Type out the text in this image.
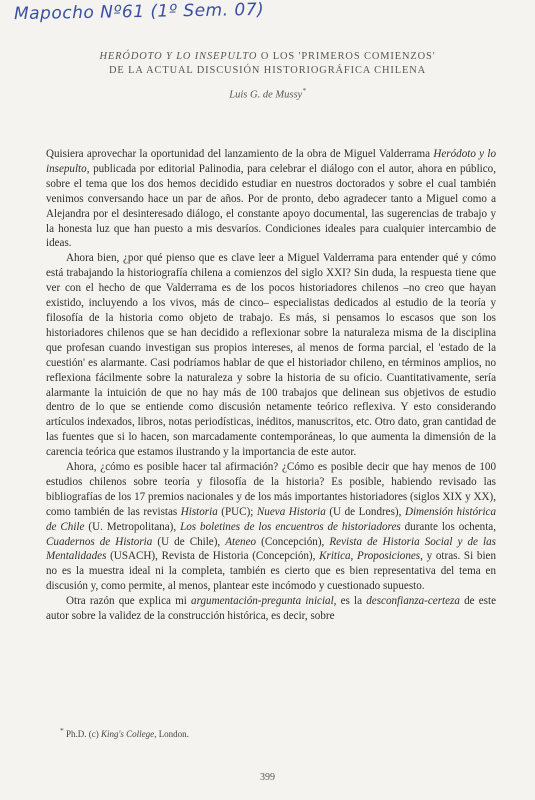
Mapocho Nº61 (1º Sem. 07)
HERÓDOTO Y LO INSEPULTO O LOS 'PRIMEROS COMIENZOS'
DE LA ACTUAL DISCUSIÓN HISTORIOGRÁFICA CHILENA
Luis G. de Mussy*

Quisiera aprovechar la oportunidad del lanzamiento de la obra de Miguel Valderrama Heródoto y lo insepulto, publicada por editorial Palinodia, para celebrar el diálogo con el autor, ahora en público, sobre el tema que los dos hemos decidido estudiar en nuestros doctorados y sobre el cual también venimos conversando hace un par de años. Por de pronto, debo agradecer tanto a Miguel como a Alejandra por el desinteresado diálogo, el constante apoyo documental, las sugerencias de trabajo y la honesta luz que han puesto a mis desvaríos. Condiciones ideales para cualquier intercambio de ideas.

Ahora bien, ¿por qué pienso que es clave leer a Miguel Valderrama para entender qué y cómo está trabajando la historiografía chilena a comienzos del siglo XXI? Sin duda, la respuesta tiene que ver con el hecho de que Valderrama es de los pocos historiadores chilenos –no creo que hayan existido, incluyendo a los vivos, más de cinco– especialistas dedicados al estudio de la teoría y filosofía de la historia como objeto de trabajo. Es más, si pensamos lo escasos que son los historiadores chilenos que se han decidido a reflexionar sobre la naturaleza misma de la disciplina que profesan cuando investigan sus propios intereses, al menos de forma parcial, el 'estado de la cuestión' es alarmante. Casi podríamos hablar de que el historiador chileno, en términos amplios, no reflexiona fácilmente sobre la naturaleza y sobre la historia de su oficio. Cuantitativamente, sería alarmante la intuición de que no hay más de 100 trabajos que delinean sus objetivos de estudio dentro de lo que se entiende como discusión netamente teórico reflexiva. Y esto considerando artículos indexados, libros, notas periodísticas, inéditos, manuscritos, etc. Otro dato, gran cantidad de las fuentes que si lo hacen, son marcadamente contemporáneas, lo que aumenta la dimensión de la carencia teórica que estamos ilustrando y la importancia de este autor.

Ahora, ¿cómo es posible hacer tal afirmación? ¿Cómo es posible decir que hay menos de 100 estudios chilenos sobre teoría y filosofía de la historia? Es posible, habiendo revisado las bibliografías de los 17 premios nacionales y de los más importantes historiadores (siglos XIX y XX), como también de las revistas Historia (PUC); Nueva Historia (U de Londres), Dimensión histórica de Chile (U. Metropolitana), Los boletines de los encuentros de historiadores durante los ochenta, Cuadernos de Historia (U de Chile), Ateneo (Concepción), Revista de Historia Social y de las Mentalidades (USACH), Revista de Historia (Concepción), Kritica, Proposiciones, y otras. Si bien no es la muestra ideal ni la completa, también es cierto que es bien representativa del tema en discusión y, como permite, al menos, plantear este incómodo y cuestionado supuesto.

Otra razón que explica mi argumentación-pregunta inicial, es la desconfianza-certeza de este autor sobre la validez de la construcción histórica, es decir, sobre

* Ph.D. (c) King's College, London.
399
